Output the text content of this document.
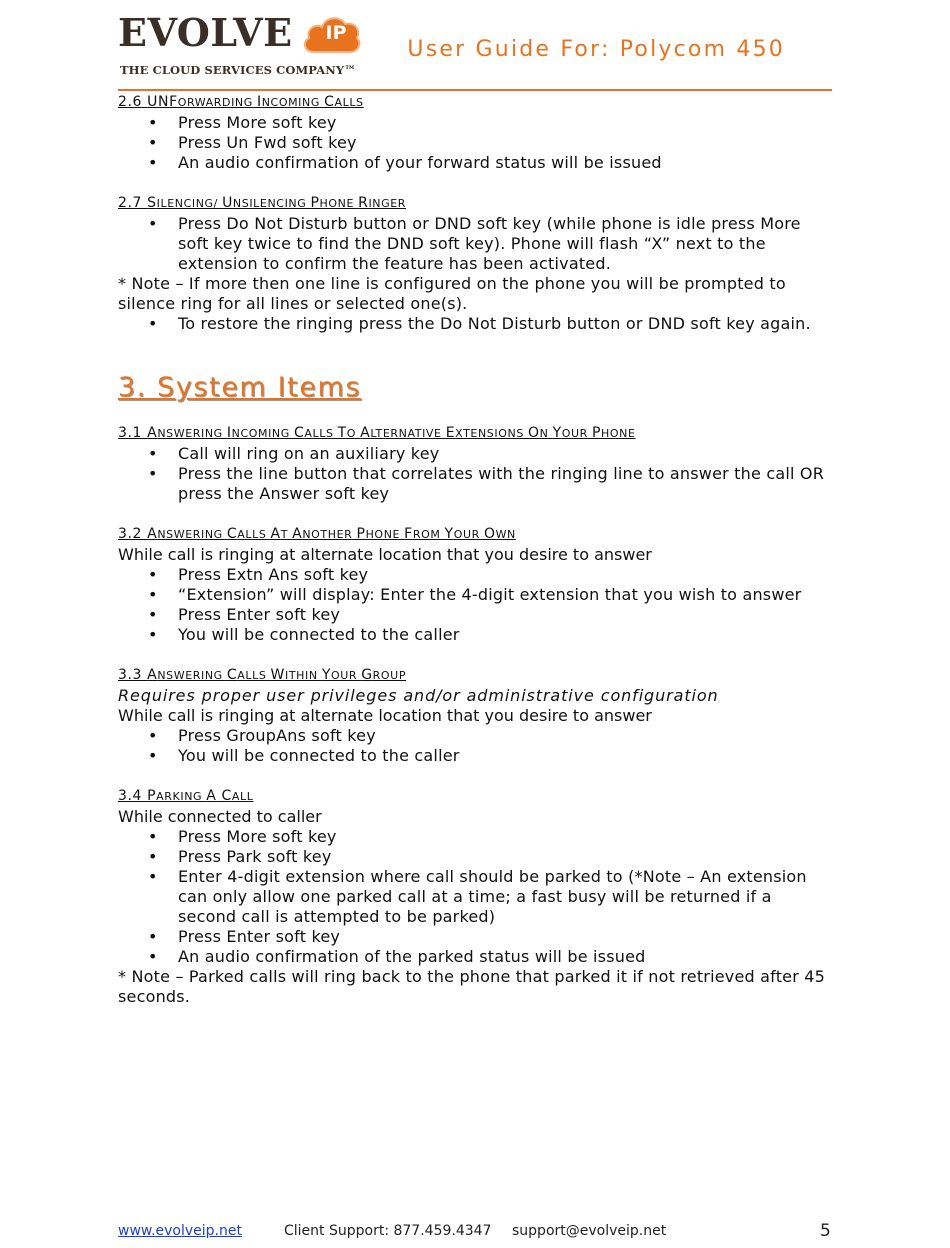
EVOLVE	IP
THE CLOUD SERVICES COMPANY™
User Guide For: Polycom 450
2.6 UNFORWARDING INCOMING CALLS
• Press More soft key
• Press Un Fwd soft key
• An audio confirmation of your forward status will be issued
2.7 SILENCING/ UNSILENCING PHONE RINGER
• Press Do Not Disturb button or DND soft key (while phone is idle press More soft key twice to find the DND soft key). Phone will flash “X” next to the extension to confirm the feature has been activated.

* Note – If more then one line is configured on the phone you will be prompted to silence ring for all lines or selected one(s).

• To restore the ringing press the Do Not Disturb button or DND soft key again.
3. System Items
3.1 ANSWERING INCOMING CALLS TO ALTERNATIVE EXTENSIONS ON YOUR PHONE
• Call will ring on an auxiliary key
• Press the line button that correlates with the ringing line to answer the call OR press the Answer soft key
3.2 ANSWERING CALLS AT ANOTHER PHONE FROM YOUR OWN

While call is ringing at alternate location that you desire to answer

• Press Extn Ans soft key
• “Extension” will display: Enter the 4-digit extension that you wish to answer
• Press Enter soft key
• You will be connected to the caller
3.3 ANSWERING CALLS WITHIN YOUR GROUP

Requires proper user privileges and/or administrative configuration

While call is ringing at alternate location that you desire to answer

• Press GroupAns soft key
• You will be connected to the caller
3.4 PARKING A CALL

While connected to caller

• Press More soft key
• Press Park soft key
• Enter 4-digit extension where call should be parked to (*Note – An extension can only allow one parked call at a time; a fast busy will be returned if a second call is attempted to be parked)
• Press Enter soft key
• An audio confirmation of the parked status will be issued

* Note – Parked calls will ring back to the phone that parked it if not retrieved after 45 seconds.

www.evolveip.net	Client Support: 877.459.4347 support@evolveip.net	5
